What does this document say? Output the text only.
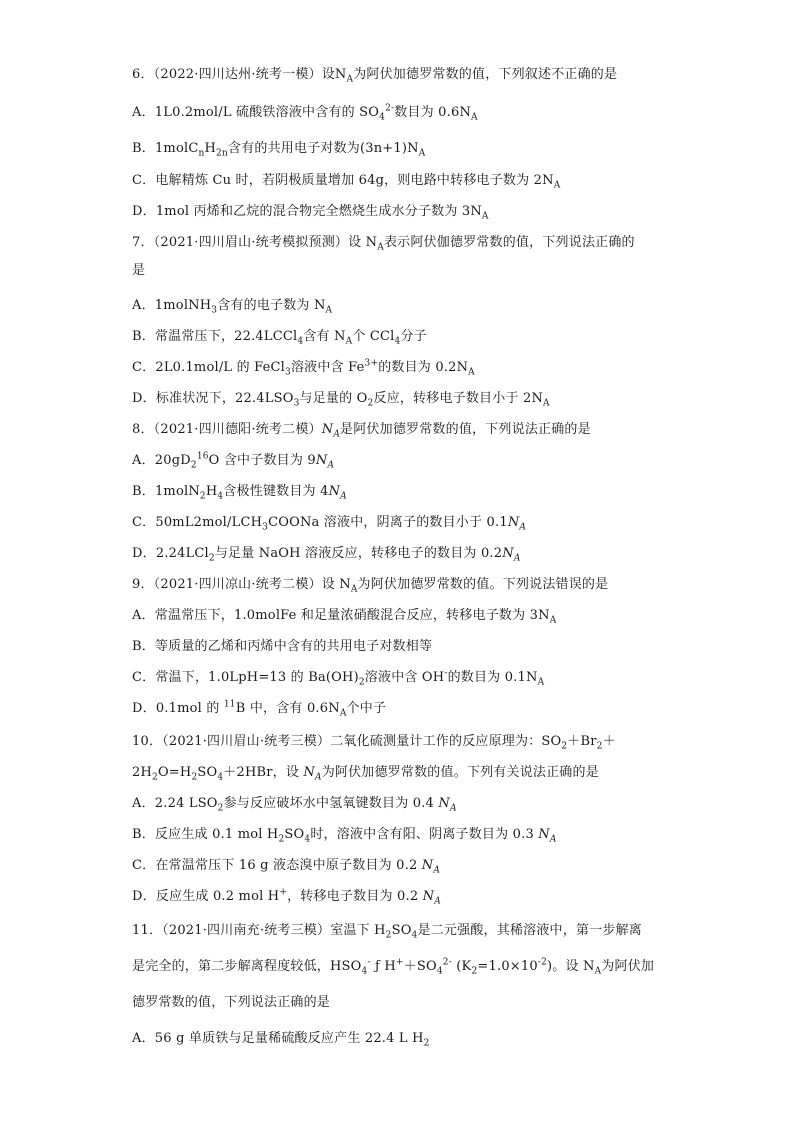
6．（2022·四川达州·统考一模）设$N_A$为阿伏加德罗常数的值，下列叙述不正确的是
A．1L0.2mol/L 硫酸铁溶液中含有的 $SO_4^{2-}$数目为 $0.6N_A$
B．$1molC_nH_{2n}$含有的共用电子对数为$(3n+1)N_A$
C．电解精炼 Cu 时，若阴极质量增加 64g，则电路中转移电子数为 $2N_A$
D．1mol 丙烯和乙烷的混合物完全燃烧生成水分子数为 $3N_A$
7．（2021·四川眉山·统考模拟预测）设 $N_A$表示阿伏伽德罗常数的值，下列说法正确的
是
A．1molNH$_3$含有的电子数为 $N_A$
B．常温常压下，22.4LCCl$_4$含有 $N_A$个 CCl$_4$分子
C．2L0.1mol/L 的 FeCl$_3$溶液中含 $Fe^{3+}$的数目为 $0.2N_A$
D．标准状况下，$22.4LSO_3$与足量的 $O_2$反应，转移电子数目小于 $2N_A$
8．（2021·四川德阳·统考二模）$N_A$是阿伏加德罗常数的值，下列说法正确的是
A．$20gD_2^{16}O$ 含中子数目为 $9N_A$
B．$1molN_2H_4$含极性键数目为 $4N_A$
C．$50mL2mol/LCH_3COONa$ 溶液中，阴离子的数目小于 $0.1N_A$
D．2.24LCl$_2$与足量 NaOH 溶液反应，转移电子的数目为 $0.2N_A$
9．（2021·四川凉山·统考二模）设 $N_A$为阿伏加德罗常数的值。下列说法错误的是
A．常温常压下，1.0molFe 和足量浓硝酸混合反应，转移电子数为 $3N_A$
B．等质量的乙烯和丙烯中含有的共用电子对数相等
C．常温下，1.0LpH=13 的 $Ba(OH)_2$溶液中含 OH-的数目为 $0.1N_A$
D．0.1mol 的 $^{11}$B 中，含有 $0.6N_A$个中子
10．（2021·四川眉山·统考三模）二氧化硫测量计工作的反应原理为：$SO_2+Br_2+$
$2H_2O=H_2SO_4+2HBr$，设 $N_A$为阿伏加德罗常数的值。下列有关说法正确的是
A．2.24 $LSO_2$参与反应破坏水中氢氧键数目为 0.4 $N_A$
B．反应生成 0.1 mol $H_2SO_4$时，溶液中含有阳、阴离子数目为 0.3 $N_A$
C．在常温常压下 16 g 液态溴中原子数目为 0.2 $N_A$
D．反应生成 0.2 mol H+，转移电子数目为 0.2 $N_A$
11．（2021·四川南充·统考三模）室温下 $H_2SO_4$是二元强酸，其稀溶液中，第一步解离
是完全的，第二步解离程度较低，$HSO_4^-$ ƒ $H^++SO_4^{2-}$ $(K_2=1.0\times 10^{-2})$。设 $N_A$为阿伏加
德罗常数的值，下列说法正确的是
A．56 g 单质铁与足量稀硫酸反应产生 22.4 L $H_2$
